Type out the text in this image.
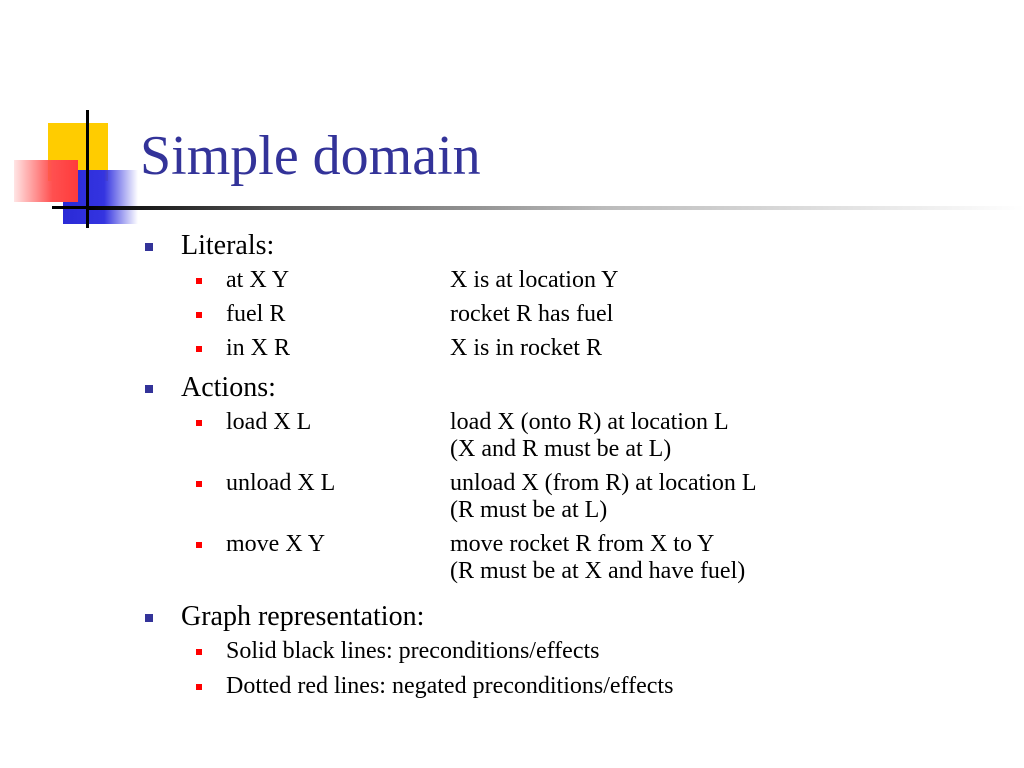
Simple domain
Literals:
at X Y	X is at location Y
fuel R	rocket R has fuel
in X R	X is in rocket R
Actions:
load X L	load X (onto R) at location L
(X and R must be at L)
unload X L	unload X (from R) at location L
(R must be at L)
move X Y	move rocket R from X to Y
(R must be at X and have fuel)
Graph representation:
Solid black lines: preconditions/effects
Dotted red lines: negated preconditions/effects
